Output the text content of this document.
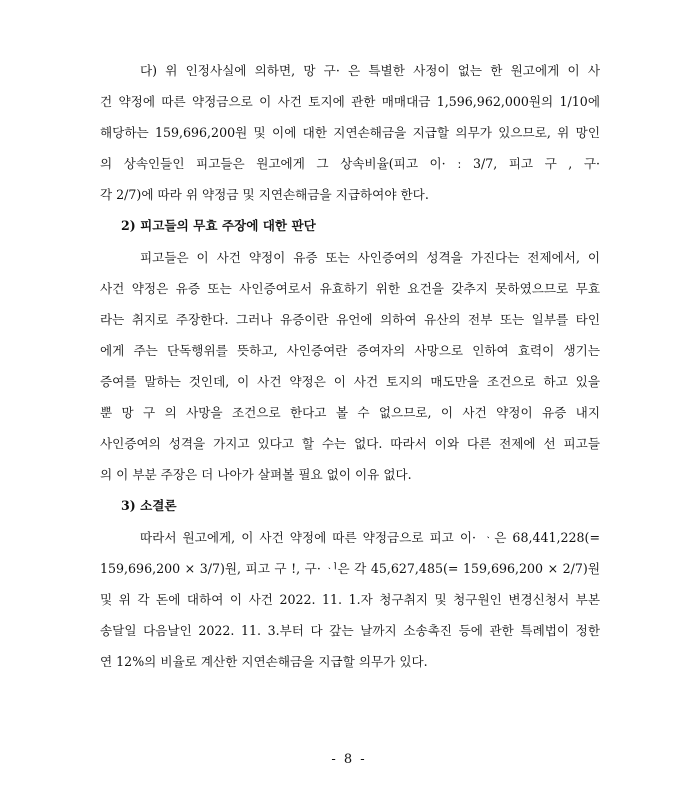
다) 위 인정사실에 의하면, 망 구· 은 특별한 사정이 없는 한 원고에게 이 사
건 약정에 따른 약정금으로 이 사건 토지에 관한 매매대금 1,596,962,000원의 1/10에
해당하는 159,696,200원 및 이에 대한 지연손해금을 지급할 의무가 있으므로, 위 망인
의 상속인들인 피고들은 원고에게 그 상속비율(피고 이· ː 3/7, 피고 구 , 구·
각 2/7)에 따라 위 약정금 및 지연손해금을 지급하여야 한다.
2) 피고들의 무효 주장에 대한 판단
피고들은 이 사건 약정이 유증 또는 사인증여의 성격을 가진다는 전제에서, 이
사건 약정은 유증 또는 사인증여로서 유효하기 위한 요건을 갖추지 못하였으므로 무효
라는 취지로 주장한다. 그러나 유증이란 유언에 의하여 유산의 전부 또는 일부를 타인
에게 주는 단독행위를 뜻하고, 사인증여란 증여자의 사망으로 인하여 효력이 생기는
증여를 말하는 것인데, 이 사건 약정은 이 사건 토지의 매도만을 조건으로 하고 있을
뿐 망 구 의 사망을 조건으로 한다고 볼 수 없으므로, 이 사건 약정이 유증 내지
사인증여의 성격을 가지고 있다고 할 수는 없다. 따라서 이와 다른 전제에 선 피고들
의 이 부분 주장은 더 나아가 살펴볼 필요 없이 이유 없다.
3) 소결론
따라서 원고에게, 이 사건 약정에 따른 약정금으로 피고 이· ᆞ은 68,441,228(=
159,696,200 × 3/7)원, 피고 구 !, 구· ᆡ은 각 45,627,485(= 159,696,200 × 2/7)원
및 위 각 돈에 대하여 이 사건 2022. 11. 1.자 청구취지 및 청구원인 변경신청서 부본
송달일 다음날인 2022. 11. 3.부터 다 갚는 날까지 소송촉진 등에 관한 특례법이 정한
연 12%의 비율로 계산한 지연손해금을 지급할 의무가 있다.
- 8 -
